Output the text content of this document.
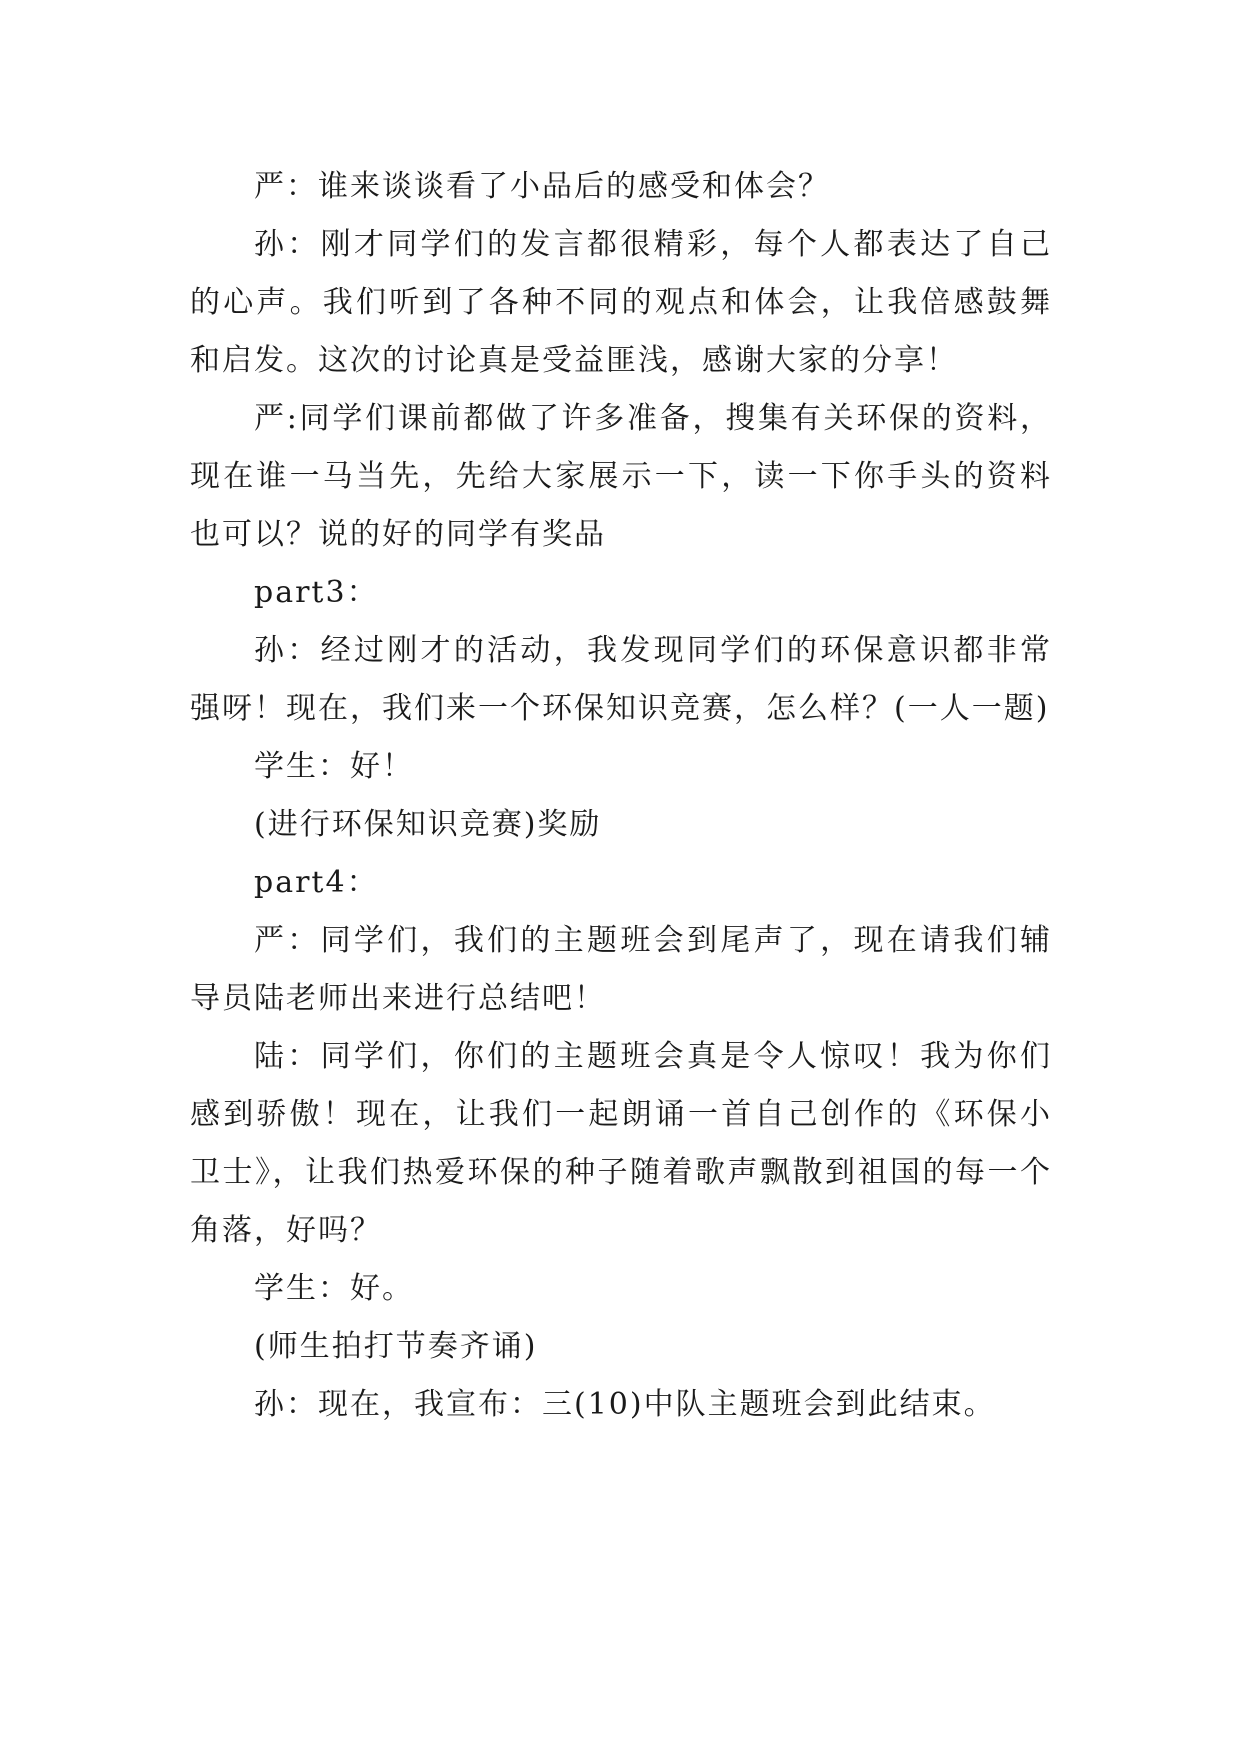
严：谁来谈谈看了小品后的感受和体会？

孙：刚才同学们的发言都很精彩，每个人都表达了自己的心声。我们听到了各种不同的观点和体会，让我倍感鼓舞和启发。这次的讨论真是受益匪浅，感谢大家的分享！

严:同学们课前都做了许多准备，搜集有关环保的资料，现在谁一马当先，先给大家展示一下，读一下你手头的资料也可以？说的好的同学有奖品

part3：

孙：经过刚才的活动，我发现同学们的环保意识都非常强呀！现在，我们来一个环保知识竞赛，怎么样？(一人一题)

学生：好！

(进行环保知识竞赛)奖励

part4：

严：同学们，我们的主题班会到尾声了，现在请我们辅导员陆老师出来进行总结吧！

陆：同学们，你们的主题班会真是令人惊叹！我为你们感到骄傲！现在，让我们一起朗诵一首自己创作的《环保小卫士》，让我们热爱环保的种子随着歌声飘散到祖国的每一个角落，好吗？

学生：好。

(师生拍打节奏齐诵)

孙：现在，我宣布：三(10)中队主题班会到此结束。
